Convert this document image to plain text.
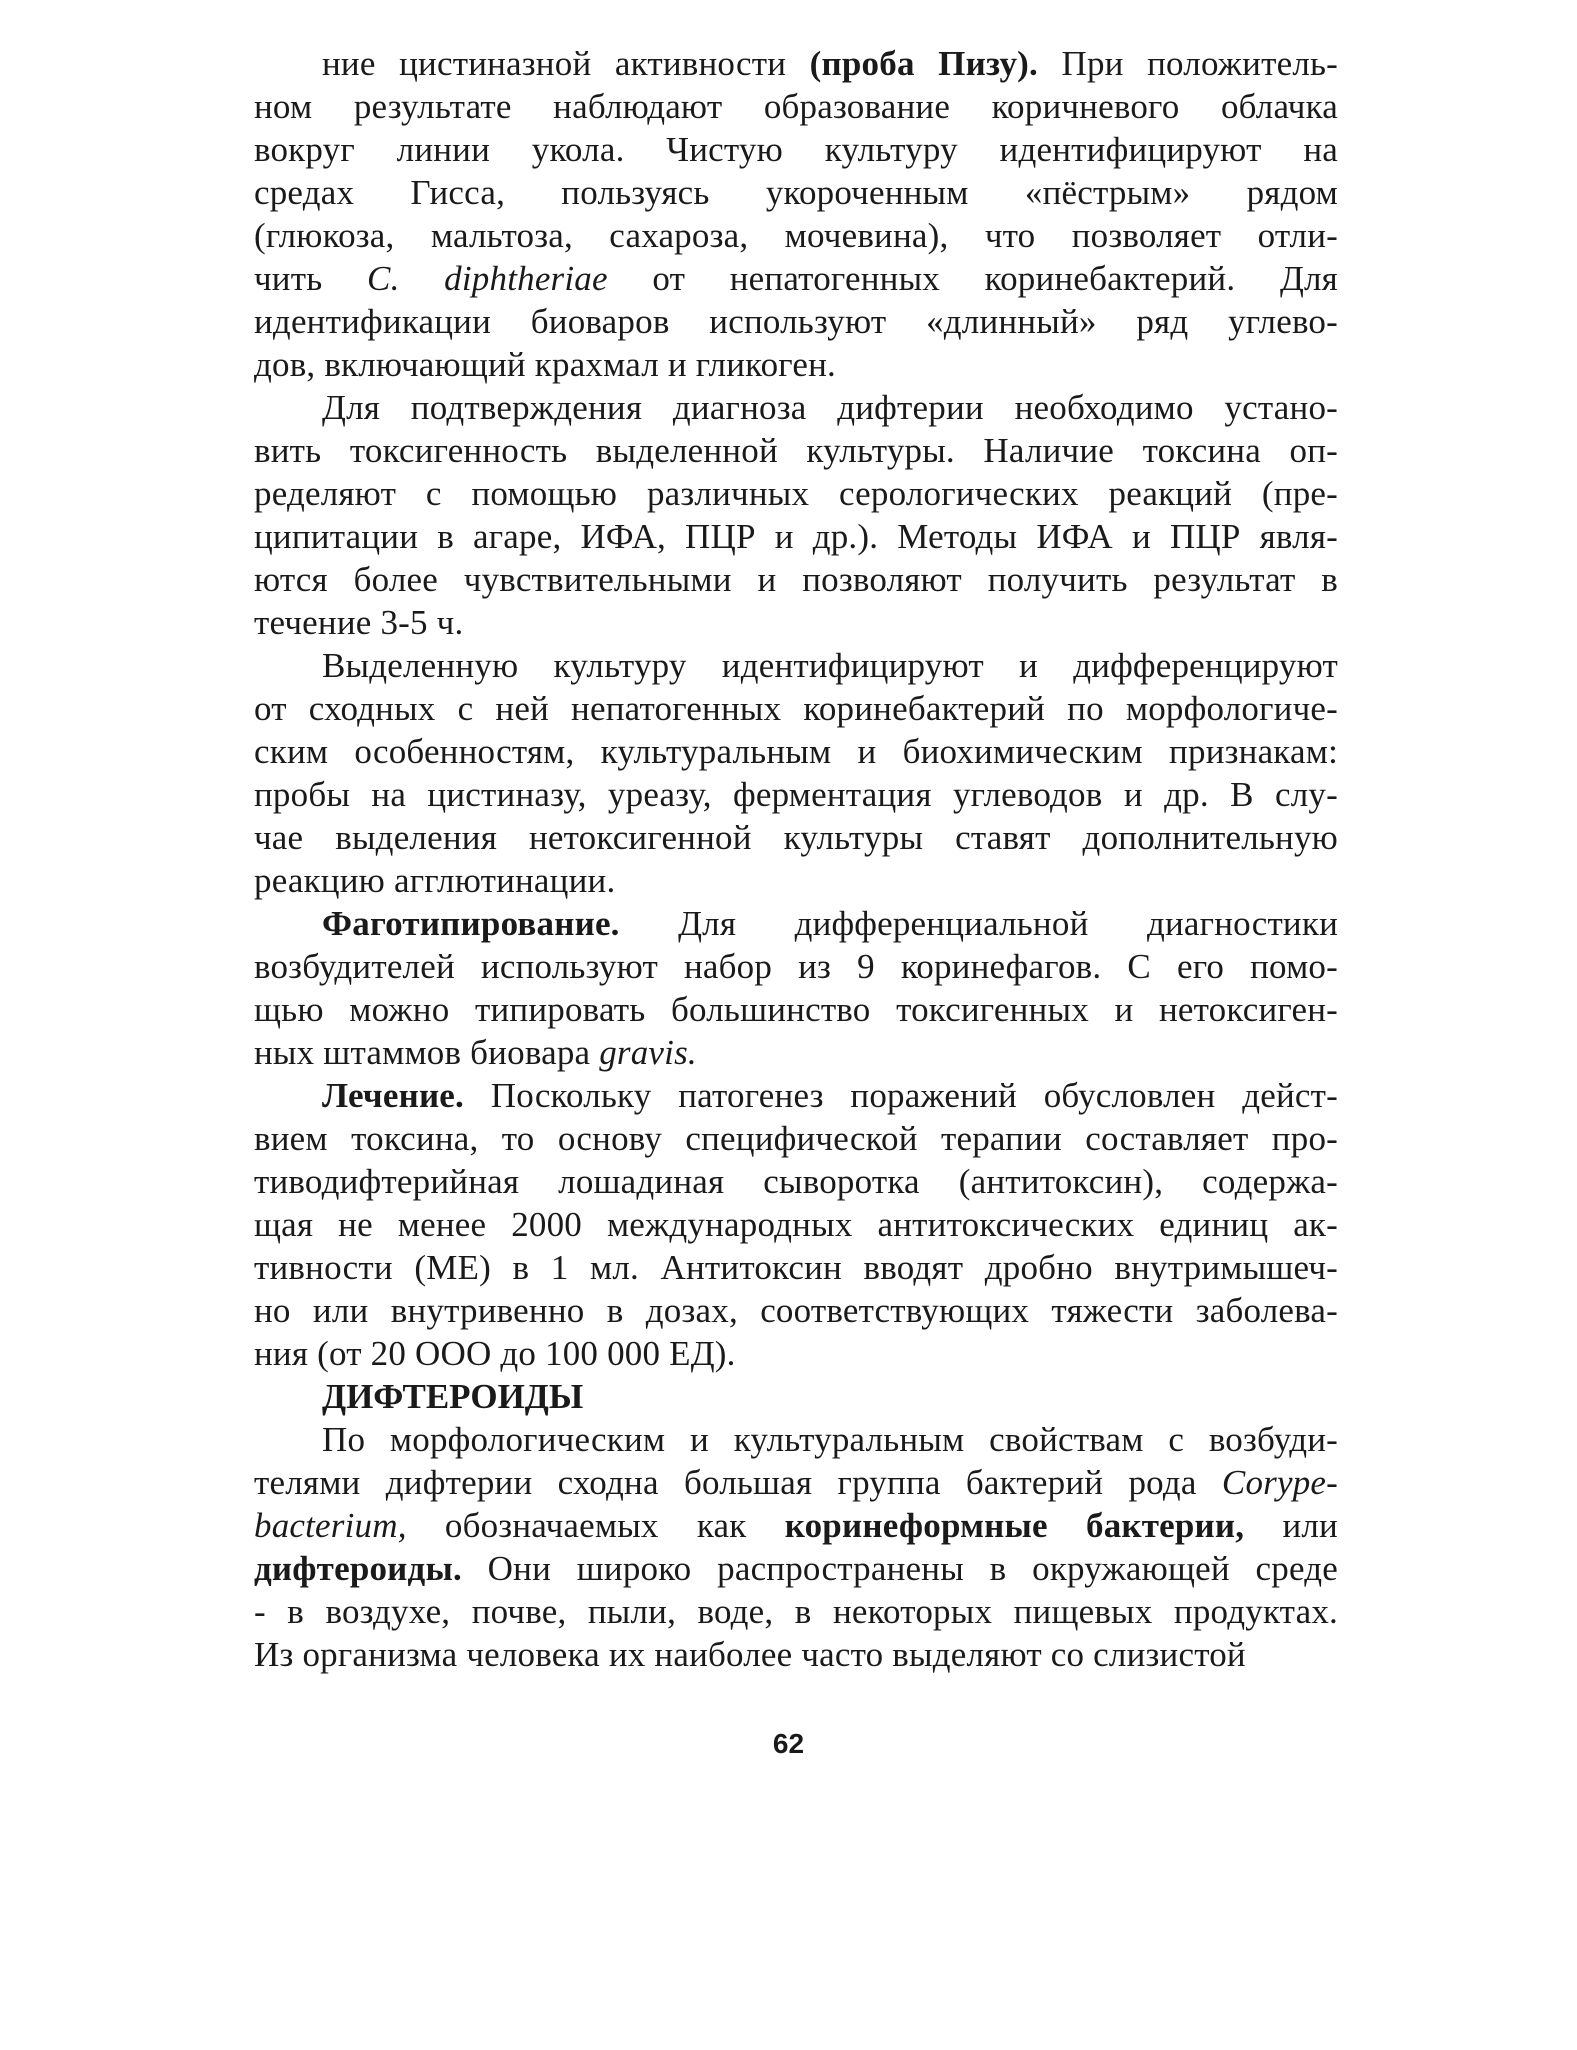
ние цистиназной активности (проба Пизу). При положитель-
ном результате наблюдают образование коричневого облачка
вокруг линии укола. Чистую культуру идентифицируют на
средах Гисса, пользуясь укороченным «пёстрым» рядом
(глюкоза, мальтоза, сахароза, мочевина), что позволяет отли-
чить C. diphtheriae от непатогенных коринебактерий. Для
идентификации биоваров используют «длинный» ряд углево-
дов, включающий крахмал и гликоген.
Для подтверждения диагноза дифтерии необходимо устано-
вить токсигенность выделенной культуры. Наличие токсина оп-
ределяют с помощью различных серологических реакций (пре-
ципитации в агаре, ИФА, ПЦР и др.). Методы ИФА и ПЦР явля-
ются более чувствительными и позволяют получить результат в
течение 3-5 ч.
Выделенную культуру идентифицируют и дифференцируют
от сходных с ней непатогенных коринебактерий по морфологиче-
ским особенностям, культуральным и биохимическим признакам:
пробы на цистиназу, уреазу, ферментация углеводов и др. В слу-
чае выделения нетоксигенной культуры ставят дополнительную
реакцию агглютинации.
Фаготипирование. Для дифференциальной диагностики
возбудителей используют набор из 9 коринефагов. С его помо-
щью можно типировать большинство токсигенных и нетоксиген-
ных штаммов биовара gravis.
Лечение. Поскольку патогенез поражений обусловлен дейст-
вием токсина, то основу специфической терапии составляет про-
тиводифтерийная лошадиная сыворотка (антитоксин), содержа-
щая не менее 2000 международных антитоксических единиц ак-
тивности (МЕ) в 1 мл. Антитоксин вводят дробно внутримышеч-
но или внутривенно в дозах, соответствующих тяжести заболева-
ния (от 20 ООО до 100 000 ЕД).
ДИФТЕРОИДЫ
По морфологическим и культуральным свойствам с возбуди-
телями дифтерии сходна большая группа бактерий рода Corype-
bacterium, обозначаемых как коринеформные бактерии, или
дифтероиды. Они широко распространены в окружающей среде
- в воздухе, почве, пыли, воде, в некоторых пищевых продуктах.
Из организма человека их наиболее часто выделяют со слизистой
62
